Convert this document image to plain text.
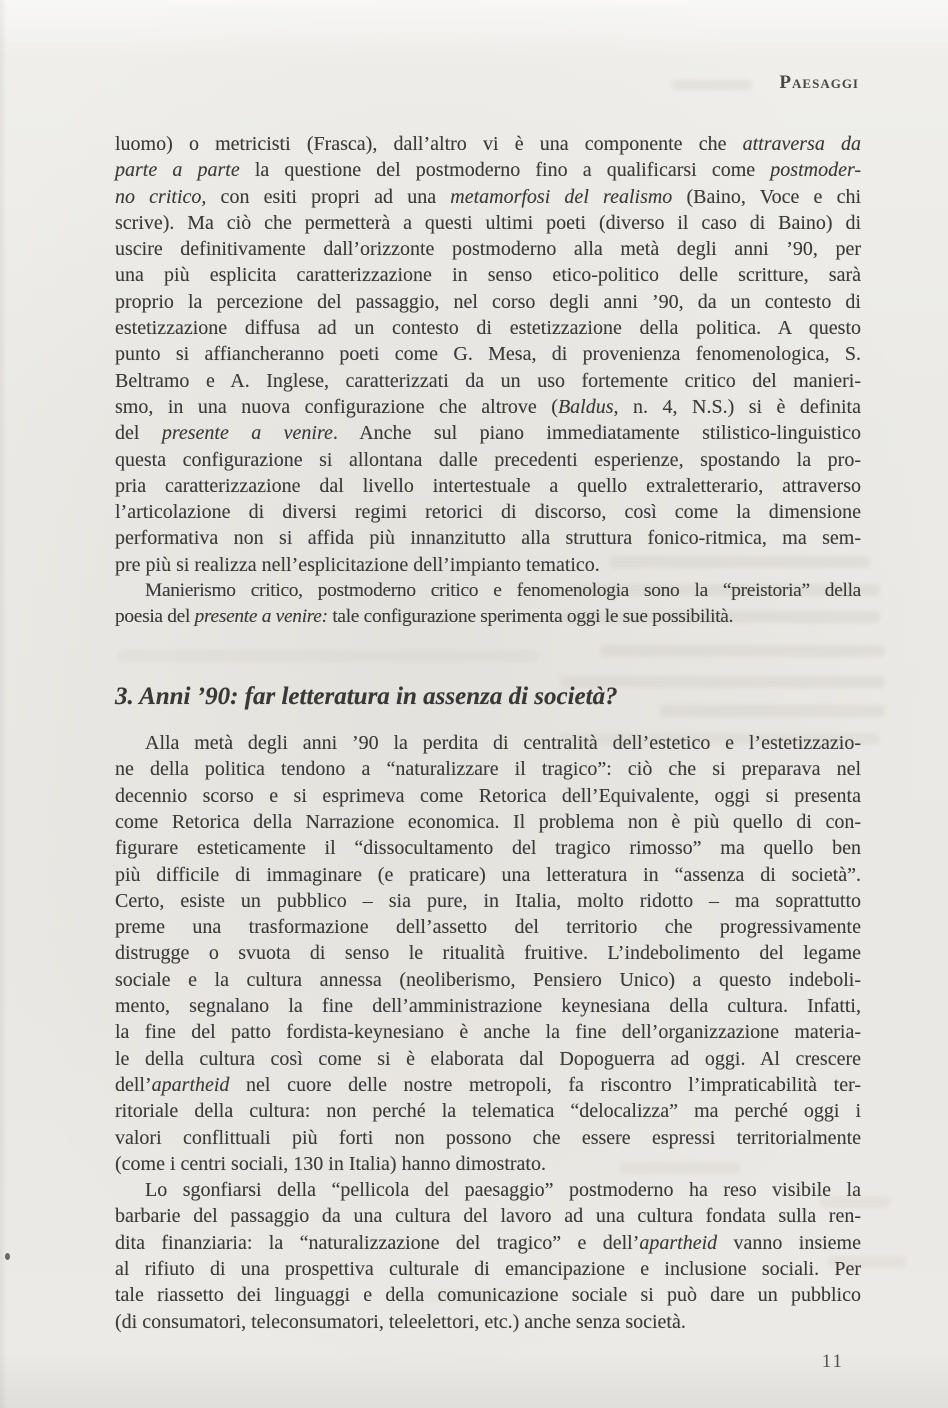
Paesaggi
luomo) o metricisti (Frasca), dall’altro vi è una componente che attraversa da
parte a parte la questione del postmoderno fino a qualificarsi come postmoder-
no critico, con esiti propri ad una metamorfosi del realismo (Baino, Voce e chi
scrive). Ma ciò che permetterà a questi ultimi poeti (diverso il caso di Baino) di
uscire definitivamente dall’orizzonte postmoderno alla metà degli anni ’90, per
una più esplicita caratterizzazione in senso etico-politico delle scritture, sarà
proprio la percezione del passaggio, nel corso degli anni ’90, da un contesto di
estetizzazione diffusa ad un contesto di estetizzazione della politica. A questo
punto si affiancheranno poeti come G. Mesa, di provenienza fenomenologica, S.
Beltramo e A. Inglese, caratterizzati da un uso fortemente critico del manieri-
smo, in una nuova configurazione che altrove (Baldus, n. 4, N.S.) si è definita
del presente a venire. Anche sul piano immediatamente stilistico-linguistico
questa configurazione si allontana dalle precedenti esperienze, spostando la pro-
pria caratterizzazione dal livello intertestuale a quello extraletterario, attraverso
l’articolazione di diversi regimi retorici di discorso, così come la dimensione
performativa non si affida più innanzitutto alla struttura fonico-ritmica, ma sem-
pre più si realizza nell’esplicitazione dell’impianto tematico.
Manierismo critico, postmoderno critico e fenomenologia sono la “preistoria” della
poesia del presente a venire: tale configurazione sperimenta oggi le sue possibilità.
3. Anni ’90: far letteratura in assenza di società?
Alla metà degli anni ’90 la perdita di centralità dell’estetico e l’estetizzazio-
ne della politica tendono a “naturalizzare il tragico”: ciò che si preparava nel
decennio scorso e si esprimeva come Retorica dell’Equivalente, oggi si presenta
come Retorica della Narrazione economica. Il problema non è più quello di con-
figurare esteticamente il “dissocultamento del tragico rimosso” ma quello ben
più difficile di immaginare (e praticare) una letteratura in “assenza di società”.
Certo, esiste un pubblico – sia pure, in Italia, molto ridotto – ma soprattutto
preme una trasformazione dell’assetto del territorio che progressivamente
distrugge o svuota di senso le ritualità fruitive. L’indebolimento del legame
sociale e la cultura annessa (neoliberismo, Pensiero Unico) a questo indeboli-
mento, segnalano la fine dell’amministrazione keynesiana della cultura. Infatti,
la fine del patto fordista-keynesiano è anche la fine dell’organizzazione materia-
le della cultura così come si è elaborata dal Dopoguerra ad oggi. Al crescere
dell’apartheid nel cuore delle nostre metropoli, fa riscontro l’impraticabilità ter-
ritoriale della cultura: non perché la telematica “delocalizza” ma perché oggi i
valori conflittuali più forti non possono che essere espressi territorialmente
(come i centri sociali, 130 in Italia) hanno dimostrato.
Lo sgonfiarsi della “pellicola del paesaggio” postmoderno ha reso visibile la
barbarie del passaggio da una cultura del lavoro ad una cultura fondata sulla ren-
dita finanziaria: la “naturalizzazione del tragico” e dell’apartheid vanno insieme
al rifiuto di una prospettiva culturale di emancipazione e inclusione sociali. Per
tale riassetto dei linguaggi e della comunicazione sociale si può dare un pubblico
(di consumatori, teleconsumatori, teleelettori, etc.) anche senza società.
11
